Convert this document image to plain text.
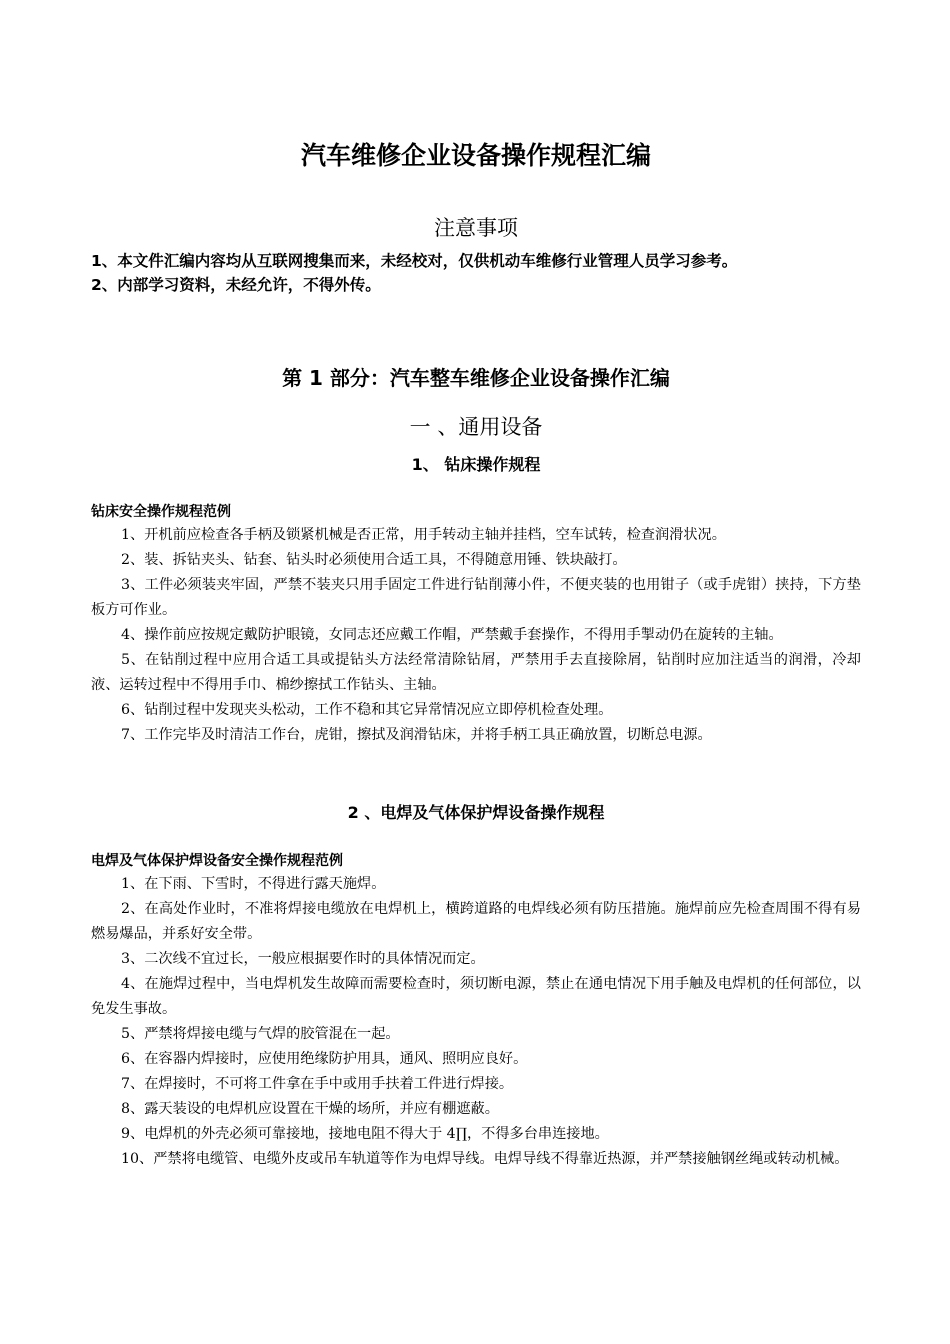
汽车维修企业设备操作规程汇编
注意事项
1、本文件汇编内容均从互联网搜集而来，未经校对，仅供机动车维修行业管理人员学习参考。
2、内部学习资料，未经允许，不得外传。
第 1 部分：汽车整车维修企业设备操作汇编
一 、通用设备
1、 钻床操作规程
钻床安全操作规程范例

1、开机前应检查各手柄及锁紧机械是否正常，用手转动主轴并挂档，空车试转，检查润滑状况。

2、装、拆钻夹头、钻套、钻头时必须使用合适工具，不得随意用锤、铁块敲打。

3、工件必须装夹牢固，严禁不装夹只用手固定工件进行钻削薄小件，不便夹装的也用钳子（或手虎钳）挟持，下方垫板方可作业。

4、操作前应按规定戴防护眼镜，女同志还应戴工作帽，严禁戴手套操作，不得用手掣动仍在旋转的主轴。

5、在钻削过程中应用合适工具或提钻头方法经常清除钻屑，严禁用手去直接除屑，钻削时应加注适当的润滑，冷却液、运转过程中不得用手巾、棉纱擦拭工作钻头、主轴。

6、钻削过程中发现夹头松动，工作不稳和其它异常情况应立即停机检查处理。

7、工作完毕及时清洁工作台，虎钳，擦拭及润滑钻床，并将手柄工具正确放置，切断总电源。

2 、电焊及气体保护焊设备操作规程
电焊及气体保护焊设备安全操作规程范例

1、在下雨、下雪时，不得进行露天施焊。

2、在高处作业时，不准将焊接电缆放在电焊机上，横跨道路的电焊线必须有防压措施。施焊前应先检查周围不得有易燃易爆品，并系好安全带。

3、二次线不宜过长，一般应根据要作时的具体情况而定。

4、在施焊过程中，当电焊机发生故障而需要检查时，须切断电源，禁止在通电情况下用手触及电焊机的任何部位，以免发生事故。

5、严禁将焊接电缆与气焊的胶管混在一起。

6、在容器内焊接时，应使用绝缘防护用具，通风、照明应良好。

7、在焊接时，不可将工件拿在手中或用手扶着工件进行焊接。

8、露天装设的电焊机应设置在干燥的场所，并应有棚遮蔽。

9、电焊机的外壳必须可靠接地，接地电阻不得大于 4∏，不得多台串连接地。

10、严禁将电缆管、电缆外皮或吊车轨道等作为电焊导线。电焊导线不得靠近热源，并严禁接触钢丝绳或转动机械。
